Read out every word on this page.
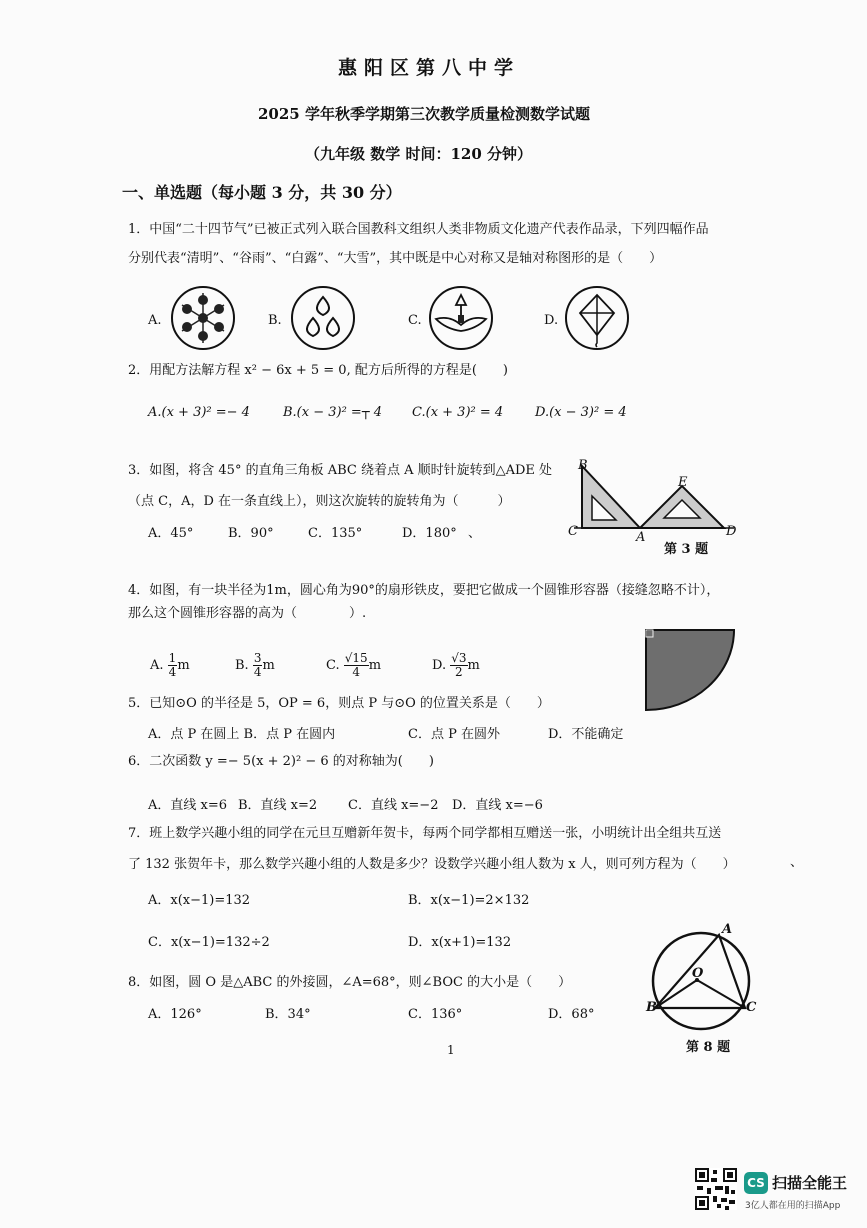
惠阳区第八中学
2025 学年秋季学期第三次教学质量检测数学试题
（九年级 数学 时间：120 分钟）
一、单选题（每小题 3 分，共 30 分）
1．中国“二十四节气”已被正式列入联合国教科文组织人类非物质文化遗产代表作品录，下列四幅作品
分别代表“清明”、“谷雨”、“白露”、“大雪”，其中既是中心对称又是轴对称图形的是（　　）
A.	B.	C.	D.
2．用配方法解方程 x² − 6x + 5 = 0, 配方后所得的方程是(　　)
A.(x + 3)² =− 4	B.(x − 3)² =┬ 4 C.(x + 3)² = 4 D.(x − 3)² = 4
3．如图，将含 45° 的直角三角板 ABC 绕着点 A 顺时针旋转到△ADE 处
（点 C，A，D 在一条直线上），则这次旋转的旋转角为（　　　）
A．45°	B．90°	C．135°	D．180° 、
B
E
C	A	D
第 3 题
4．如图，有一块半径为1m，圆心角为90°的扇形铁皮，要把它做成一个圆锥形容器（接缝忽略不计），
那么这个圆锥形容器的高为（　　　　）.
A. $\frac{1}{4}$ m	B. $\frac{3}{4}$ m	C. $\frac{√15}{4}$ m	D. $\frac{√3}{2}$ m
5．已知⊙O 的半径是 5，OP = 6，则点 P 与⊙O 的位置关系是（　　）
A．点 P 在圆上 B．点 P 在圆内	C．点 P 在圆外	D．不能确定
6．二次函数 y =− 5(x + 2)² − 6 的对称轴为(　　)
A．直线 x=6 B．直线 x=2 C．直线 x=−2 D．直线 x=−6
7．班上数学兴趣小组的同学在元旦互赠新年贺卡，每两个同学都相互赠送一张，小明统计出全组共互送
了 132 张贺年卡，那么数学兴趣小组的人数是多少？设数学兴趣小组人数为 x 人，则可列方程为（　　）	、
A．x(x−1)=132	B．x(x−1)=2×132
C．x(x−1)=132÷2	D．x(x+1)=132
8．如图，圆 O 是△ABC 的外接圆，∠A=68°，则∠BOC 的大小是（　　）
A．126°	B．34°	C．136°	D．68°
A
O
B	C
第 8 题
1
CS 扫描全能王
3亿人都在用的扫描App
